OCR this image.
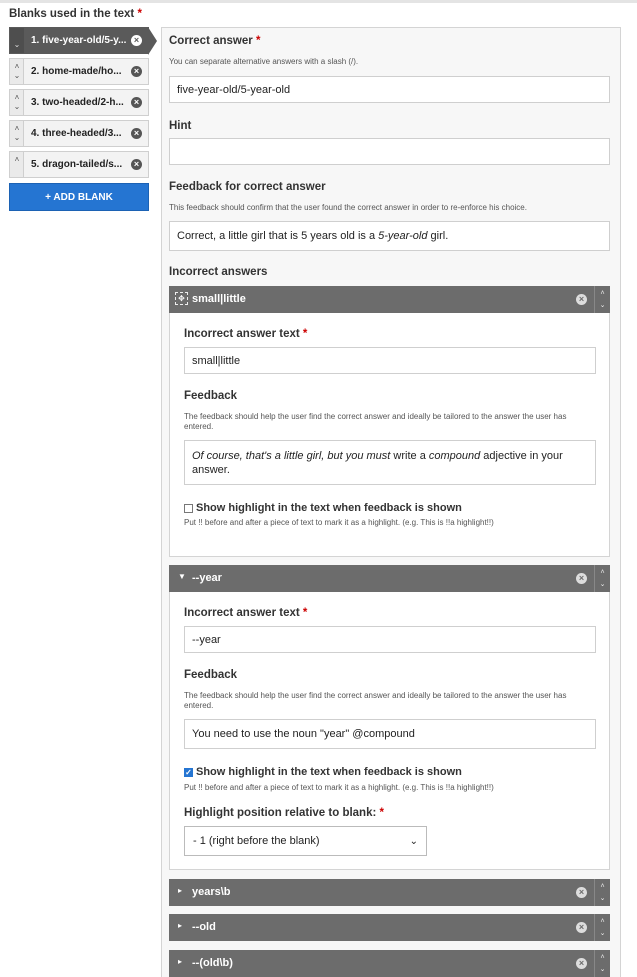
Blanks used in the text *
⌄	1. five-year-old/5-y... ×
˄
⌄	2. home-made/ho...	×
˄
⌄	3. two-headed/2-h...	×
˄
⌄	4. three-headed/3...	×
˄	5. dragon-tailed/s...	×
+ ADD BLANK
Correct answer *
You can separate alternative answers with a slash (/).
five-year-old/5-year-old
Hint
Feedback for correct answer
This feedback should confirm that the user found the correct answer in order to re-enforce his choice.
Correct, a little girl that is 5 years old is a 5-year-old girl.
Incorrect answers
✥ small|little	×
˄
⌄
Incorrect answer text *
small|little
Feedback
The feedback should help the user find the correct answer and ideally be tailored to the answer the user has entered.
Of course, that's a little girl, but you must write a compound adjective in your answer.
Show highlight in the text when feedback is shown
Put !! before and after a piece of text to mark it as a highlight. (e.g. This is !!a highlight!!)
▼ --year	×
˄
⌄
Incorrect answer text *
--year
Feedback
The feedback should help the user find the correct answer and ideally be tailored to the answer the user has entered.
You need to use the noun "year" @compound
✓ Show highlight in the text when feedback is shown
Put !! before and after a piece of text to mark it as a highlight. (e.g. This is !!a highlight!!)
Highlight position relative to blank: *
- 1 (right before the blank)	⌄
▸ years\b	×
˄
⌄
▸ --old	×
˄
⌄
▸ --(old\b)	×
˄
⌄
